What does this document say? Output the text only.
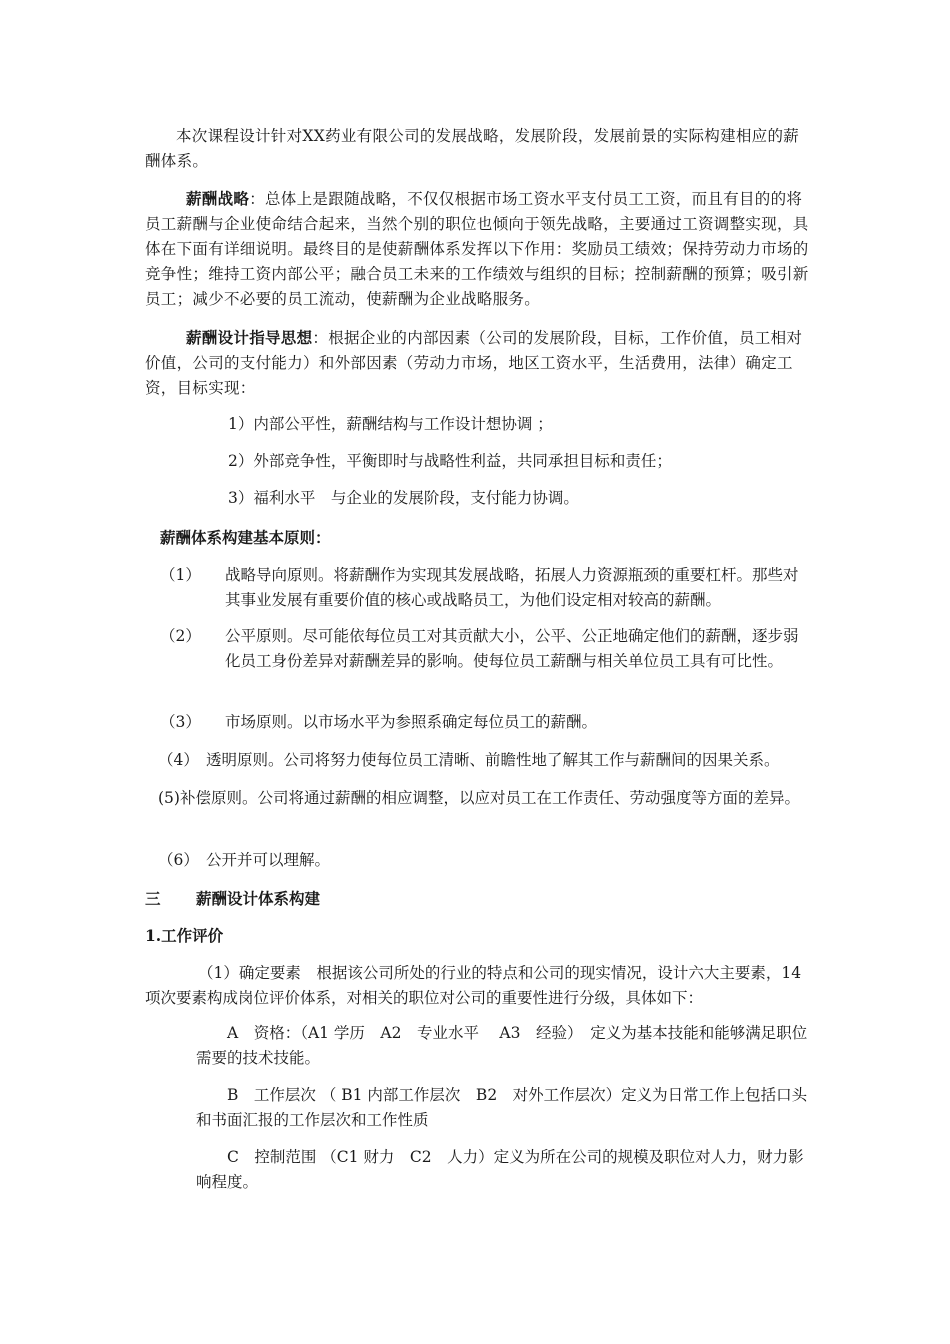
本次课程设计针对XX药业有限公司的发展战略，发展阶段，发展前景的实际构建相应的薪酬体系。

薪酬战略：总体上是跟随战略，不仅仅根据市场工资水平支付员工工资，而且有目的的将员工薪酬与企业使命结合起来，当然个别的职位也倾向于领先战略，主要通过工资调整实现，具体在下面有详细说明。最终目的是使薪酬体系发挥以下作用：奖励员工绩效；保持劳动力市场的竞争性；维持工资内部公平；融合员工未来的工作绩效与组织的目标；控制薪酬的预算；吸引新员工；减少不必要的员工流动，使薪酬为企业战略服务。

薪酬设计指导思想：根据企业的内部因素（公司的发展阶段，目标，工作价值，员工相对价值，公司的支付能力）和外部因素（劳动力市场，地区工资水平，生活费用，法律）确定工资，目标实现：

1）内部公平性，薪酬结构与工作设计想协调 ；
2）外部竞争性，平衡即时与战略性利益，共同承担目标和责任；
3）福利水平　与企业的发展阶段，支付能力协调。
薪酬体系构建基本原则：
（1） 战略导向原则。将薪酬作为实现其发展战略，拓展人力资源瓶颈的重要杠杆。那些对其事业发展有重要价值的核心或战略员工，为他们设定相对较高的薪酬。

（2） 公平原则。尽可能依每位员工对其贡献大小，公平、公正地确定他们的薪酬，逐步弱化员工身份差异对薪酬差异的影响。使每位员工薪酬与相关单位员工具有可比性。

（3） 市场原则。以市场水平为参照系确定每位员工的薪酬。
（4） 透明原则。公司将努力使每位员工清晰、前瞻性地了解其工作与薪酬间的因果关系。
(5)补偿原则。公司将通过薪酬的相应调整，以应对员工在工作责任、劳动强度等方面的差异。
（6） 公开并可以理解。
三 薪酬设计体系构建
1.工作评价

（1）确定要素　根据该公司所处的行业的特点和公司的现实情况，设计六大主要素，14项次要素构成岗位评价体系，对相关的职位对公司的重要性进行分级，具体如下：

A　资格：（A1 学历　A2　专业水平　 A3　经验）　定义为基本技能和能够满足职位需要的技术技能。

B　工作层次 （ B1 内部工作层次　B2　对外工作层次）定义为日常工作上包括口头和书面汇报的工作层次和工作性质

C　控制范围 （C1 财力　C2　人力）定义为所在公司的规模及职位对人力，财力影响程度。
